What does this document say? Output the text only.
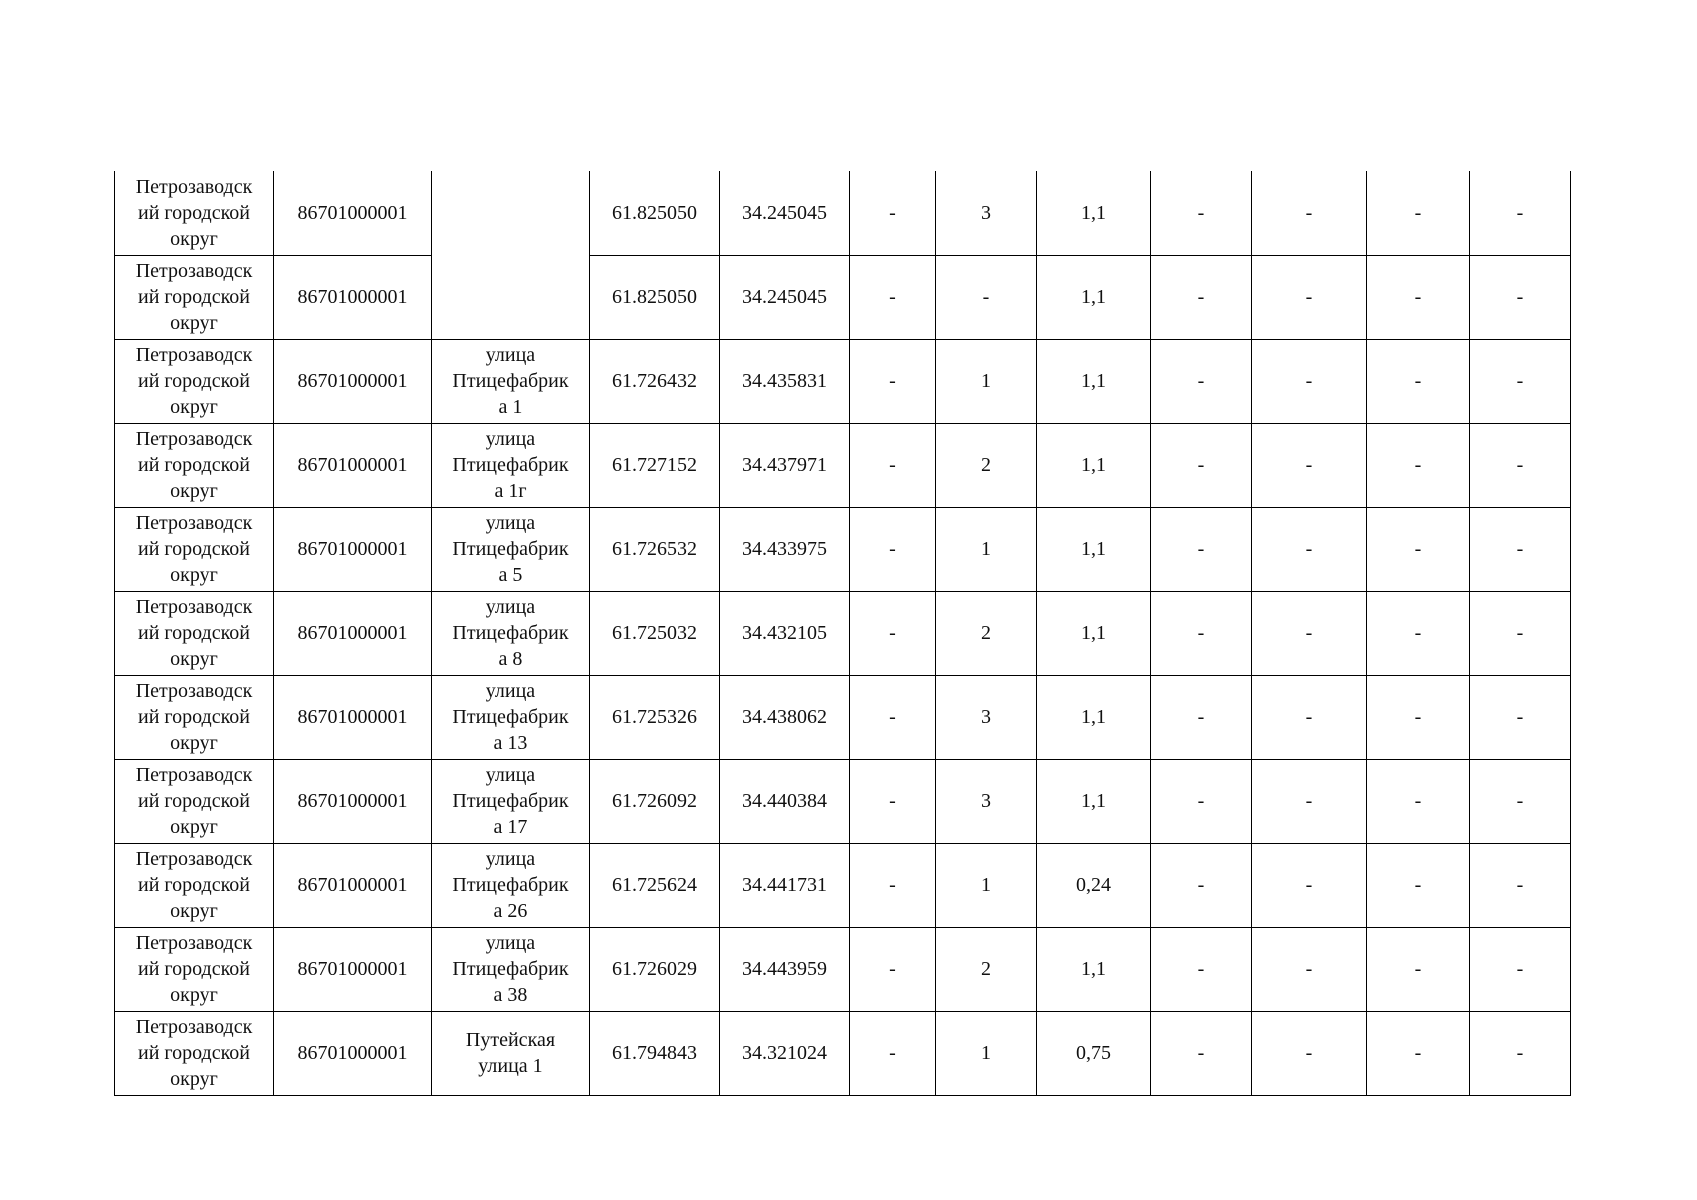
Петрозаводск
ий городской
округ	86701000001		61.825050	34.245045	-	3	1,1	-	-	-	-
Петрозаводск
ий городской
округ	86701000001		61.825050	34.245045	-	-	1,1	-	-	-	-
Петрозаводск
ий городской
округ	86701000001	улица
Птицефабрик
а 1	61.726432	34.435831	-	1	1,1	-	-	-	-
Петрозаводск
ий городской
округ	86701000001	улица
Птицефабрик
а 1г	61.727152	34.437971	-	2	1,1	-	-	-	-
Петрозаводск
ий городской
округ	86701000001	улица
Птицефабрик
а 5	61.726532	34.433975	-	1	1,1	-	-	-	-
Петрозаводск
ий городской
округ	86701000001	улица
Птицефабрик
а 8	61.725032	34.432105	-	2	1,1	-	-	-	-
Петрозаводск
ий городской
округ	86701000001	улица
Птицефабрик
а 13	61.725326	34.438062	-	3	1,1	-	-	-	-
Петрозаводск
ий городской
округ	86701000001	улица
Птицефабрик
а 17	61.726092	34.440384	-	3	1,1	-	-	-	-
Петрозаводск
ий городской
округ	86701000001	улица
Птицефабрик
а 26	61.725624	34.441731	-	1	0,24	-	-	-	-
Петрозаводск
ий городской
округ	86701000001	улица
Птицефабрик
а 38	61.726029	34.443959	-	2	1,1	-	-	-	-
Петрозаводск
ий городской
округ	86701000001	Путейская
улица 1	61.794843	34.321024	-	1	0,75	-	-	-	-
